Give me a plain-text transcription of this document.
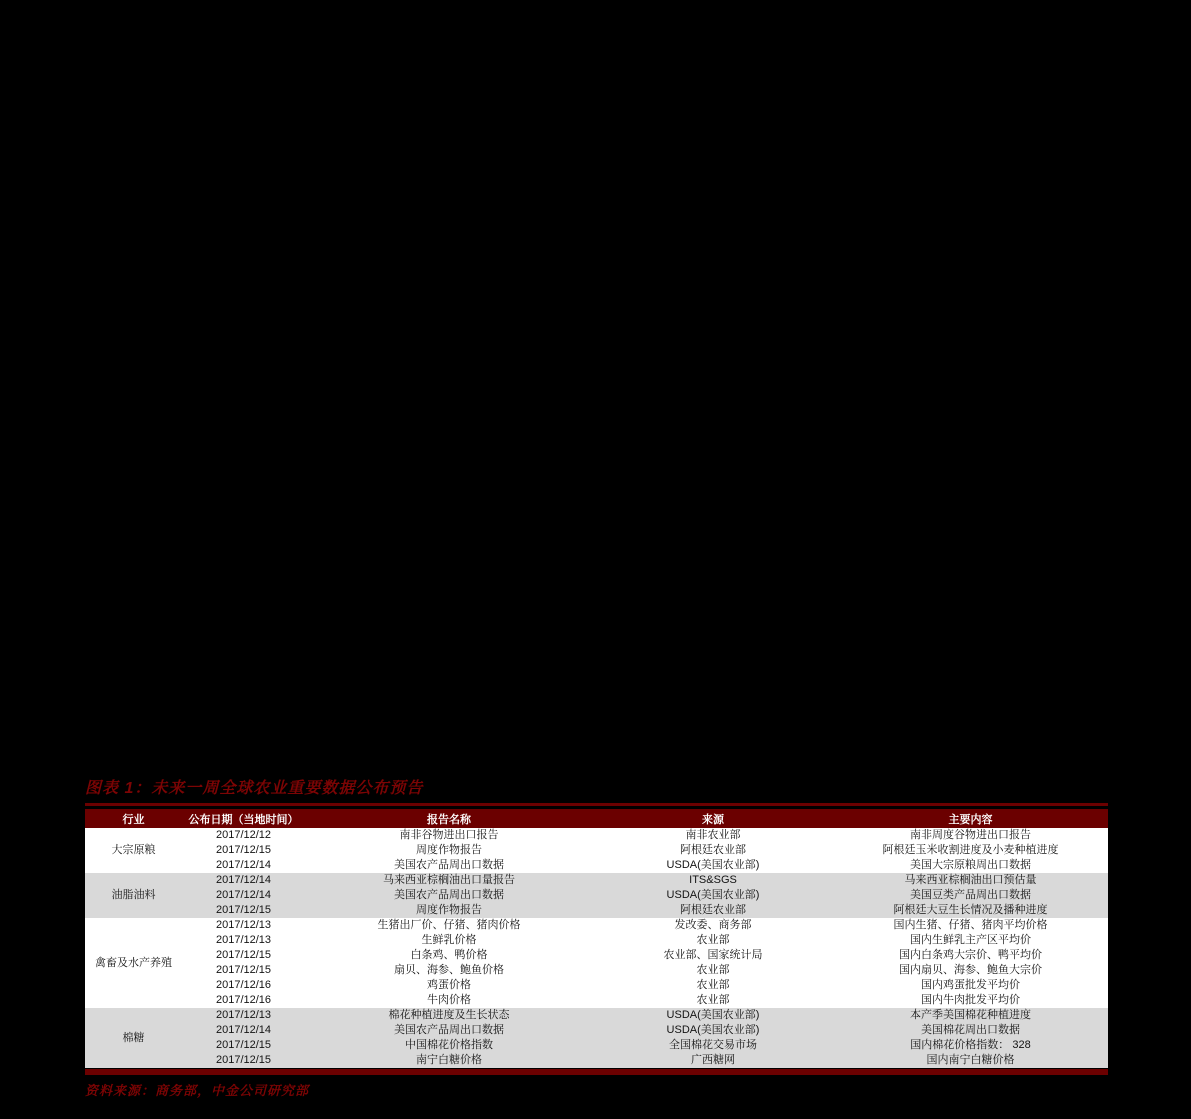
图表 1：未来一周全球农业重要数据公布预告
行业	公布日期（当地时间）	报告名称	来源	主要内容
大宗原粮	2017/12/12	南非谷物进出口报告	南非农业部	南非周度谷物进出口报告
	2017/12/15	周度作物报告	阿根廷农业部	阿根廷玉米收割进度及小麦种植进度
	2017/12/14	美国农产品周出口数据	USDA(美国农业部)	美国大宗原粮周出口数据
油脂油料	2017/12/14	马来西亚棕榈油出口量报告	ITS&SGS	马来西亚棕榈油出口预估量
	2017/12/14	美国农产品周出口数据	USDA(美国农业部)	美国豆类产品周出口数据
	2017/12/15	周度作物报告	阿根廷农业部	阿根廷大豆生长情况及播种进度
禽畜及水产养殖	2017/12/13	生猪出厂价、仔猪、猪肉价格	发改委、商务部	国内生猪、仔猪、猪肉平均价格
	2017/12/13	生鲜乳价格	农业部	国内生鲜乳主产区平均价
	2017/12/15	白条鸡、鸭价格	农业部、国家统计局	国内白条鸡大宗价、鸭平均价
	2017/12/15	扇贝、海参、鲍鱼价格	农业部	国内扇贝、海参、鲍鱼大宗价
	2017/12/16	鸡蛋价格	农业部	国内鸡蛋批发平均价
	2017/12/16	牛肉价格	农业部	国内牛肉批发平均价
棉糖	2017/12/13	棉花种植进度及生长状态	USDA(美国农业部)	本产季美国棉花种植进度
	2017/12/14	美国农产品周出口数据	USDA(美国农业部)	美国棉花周出口数据
	2017/12/15	中国棉花价格指数	全国棉花交易市场	国内棉花价格指数： 328
	2017/12/15	南宁白糖价格	广西糖网	国内南宁白糖价格

资料来源：商务部，中金公司研究部
